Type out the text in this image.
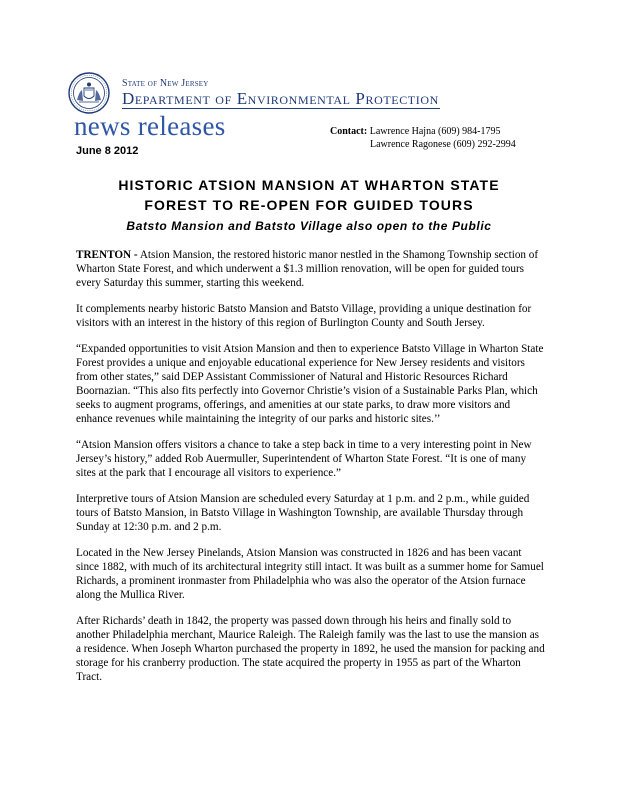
State of New Jersey
Department of Environmental Protection
news releases
June 8 2012
Contact: Lawrence Hajna (609) 984-1795
Lawrence Ragonese (609) 292-2994
HISTORIC ATSION MANSION AT WHARTON STATE
FOREST TO RE-OPEN FOR GUIDED TOURS
Batsto Mansion and Batsto Village also open to the Public

TRENTON - Atsion Mansion, the restored historic manor nestled in the Shamong Township section of Wharton State Forest, and which underwent a $1.3 million renovation, will be open for guided tours every Saturday this summer, starting this weekend.

It complements nearby historic Batsto Mansion and Batsto Village, providing a unique destination for visitors with an interest in the history of this region of Burlington County and South Jersey.

“Expanded opportunities to visit Atsion Mansion and then to experience Batsto Village in Wharton State Forest provides a unique and enjoyable educational experience for New Jersey residents and visitors from other states,” said DEP Assistant Commissioner of Natural and Historic Resources Richard Boornazian. “This also fits perfectly into Governor Christie’s vision of a Sustainable Parks Plan, which seeks to augment programs, offerings, and amenities at our state parks, to draw more visitors and enhance revenues while maintaining the integrity of our parks and historic sites.’’

“Atsion Mansion offers visitors a chance to take a step back in time to a very interesting point in New Jersey’s history,” added Rob Auermuller, Superintendent of Wharton State Forest. “It is one of many sites at the park that I encourage all visitors to experience.”

Interpretive tours of Atsion Mansion are scheduled every Saturday at 1 p.m. and 2 p.m., while guided tours of Batsto Mansion, in Batsto Village in Washington Township, are available Thursday through Sunday at 12:30 p.m. and 2 p.m.

Located in the New Jersey Pinelands, Atsion Mansion was constructed in 1826 and has been vacant since 1882, with much of its architectural integrity still intact. It was built as a summer home for Samuel Richards, a prominent ironmaster from Philadelphia who was also the operator of the Atsion furnace along the Mullica River.

After Richards’ death in 1842, the property was passed down through his heirs and finally sold to another Philadelphia merchant, Maurice Raleigh. The Raleigh family was the last to use the mansion as a residence. When Joseph Wharton purchased the property in 1892, he used the mansion for packing and storage for his cranberry production. The state acquired the property in 1955 as part of the Wharton Tract.
